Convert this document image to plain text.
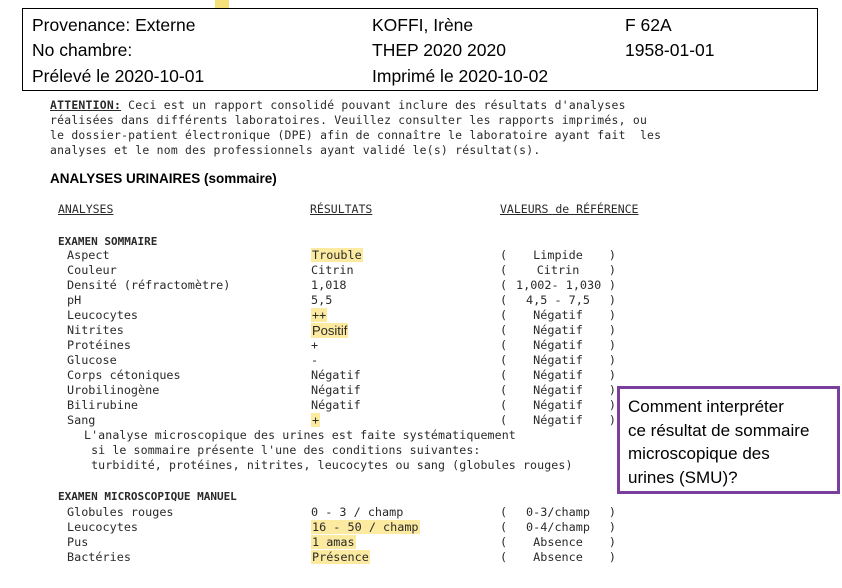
Provenance: Externe	KOFFI, Irène	F 62A
No chambre:	THEP 2020 2020	1958-01-01
Prélevé le 2020-10-01	Imprimé le 2020-10-02

ATTENTION: Ceci est un rapport consolidé pouvant inclure des résultats d'analyses
réalisées dans différents laboratoires. Veuillez consulter les rapports imprimés, ou
le dossier-patient électronique (DPE) afin de connaître le laboratoire ayant fait  les
analyses et le nom des professionnels ayant validé le(s) résultat(s).

ANALYSES URINAIRES (sommaire)
ANALYSES	RÉSULTATS	VALEURS de RÉFÉRENCE
EXAMEN SOMMAIRE
Aspect	Trouble	(	Limpide	)
Couleur	Citrin	(	Citrin	)
Densité (réfractomètre)	1,018	( 1,002- 1,030 )
pH	5,5	(	4,5 - 7,5	)
Leucocytes	++	(	Négatif	)
Nitrites	Positif	(	Négatif	)
Protéines	+	(	Négatif	)
Glucose	-	(	Négatif	)
Corps cétoniques	Négatif	(	Négatif	)
Urobilinogène	Négatif	(	Négatif	)
Bilirubine	Négatif	(	Négatif	)
Sang	+	(	Négatif	)

L'analyse microscopique des urines est faite systématiquement
si le sommaire présente l'une des conditions suivantes:
turbidité, protéines, nitrites, leucocytes ou sang (globules rouges)

EXAMEN MICROSCOPIQUE MANUEL
Globules rouges	0 - 3 / champ	(	0-3/champ	)
Leucocytes	16 - 50 / champ	(	0-4/champ	)
Pus	1 amas	(	Absence	)
Bactéries	Présence	(	Absence	)
Comment interpréter
ce résultat de sommaire
microscopique des
urines (SMU)?
